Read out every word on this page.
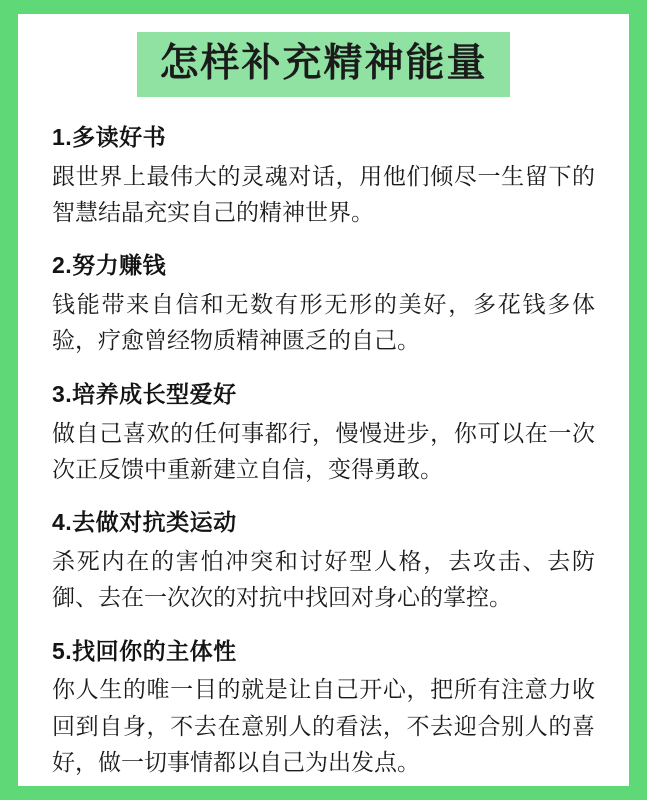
怎样补充精神能量
1.多读好书
跟世界上最伟大的灵魂对话，用他们倾尽一生留下的智慧结晶充实自己的精神世界。
2.努力赚钱
钱能带来自信和无数有形无形的美好，多花钱多体验，疗愈曾经物质精神匮乏的自己。
3.培养成长型爱好
做自己喜欢的任何事都行，慢慢进步，你可以在一次次正反馈中重新建立自信，变得勇敢。
4.去做对抗类运动
杀死内在的害怕冲突和讨好型人格，去攻击、去防御、去在一次次的对抗中找回对身心的掌控。
5.找回你的主体性
你人生的唯一目的就是让自己开心，把所有注意力收回到自身，不去在意别人的看法，不去迎合别人的喜好，做一切事情都以自己为出发点。
